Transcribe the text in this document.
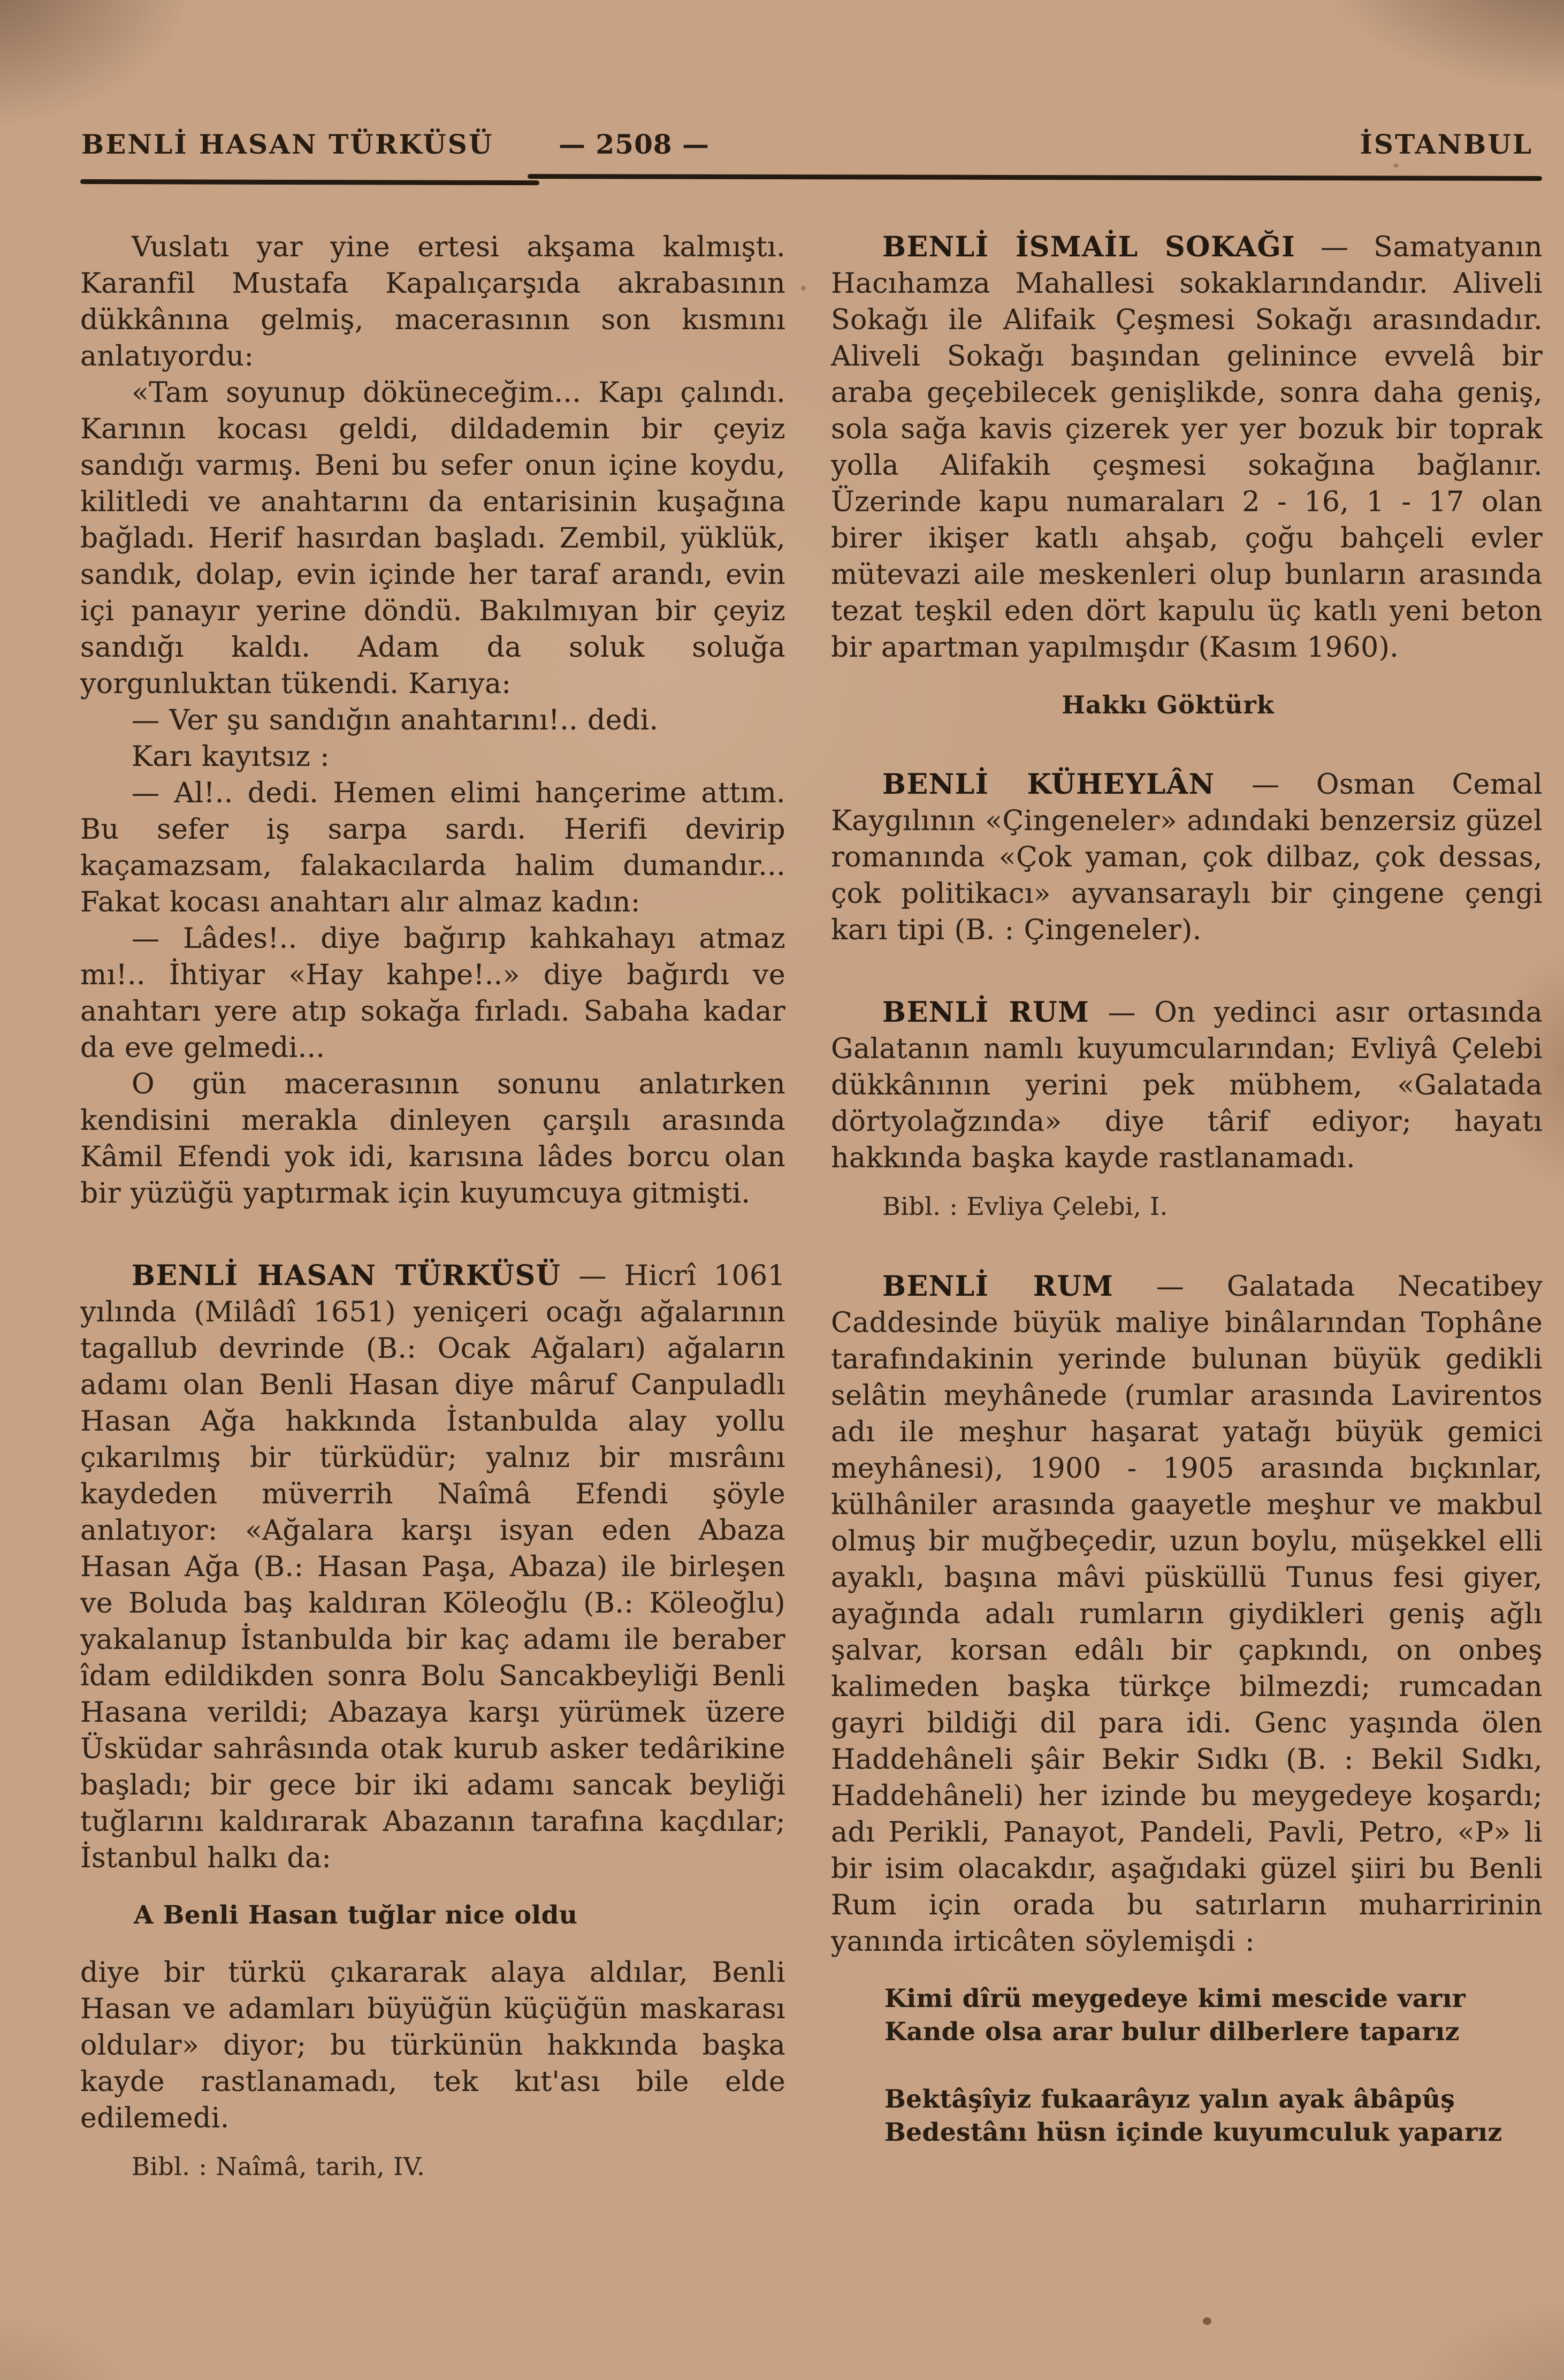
BENLİ HASAN TÜRKÜSÜ	— 2508 —	İSTANBUL

Vuslatı yar yine ertesi akşama kalmıştı. Karanfil Mustafa Kapalıçarşıda akrabasının dükkânına gelmiş, macerasının son kısmını anlatıyordu:

«Tam soyunup döküneceğim... Kapı çalındı. Karının kocası geldi, dildademin bir çeyiz sandığı varmış. Beni bu sefer onun içine koydu, kilitledi ve anahtarını da entarisinin kuşağına bağladı. Herif hasırdan başladı. Zembil, yüklük, sandık, dolap, evin içinde her taraf arandı, evin içi panayır yerine döndü. Bakılmıyan bir çeyiz sandığı kaldı. Adam da soluk soluğa yorgunluktan tükendi. Karıya:

— Ver şu sandığın anahtarını!.. dedi.

Karı kayıtsız :

— Al!.. dedi. Hemen elimi hançerime attım. Bu sefer iş sarpa sardı. Herifi devirip kaçamazsam, falakacılarda halim dumandır... Fakat kocası anahtarı alır almaz kadın:

— Lâdes!.. diye bağırıp kahkahayı atmaz mı!.. İhtiyar «Hay kahpe!..» diye bağırdı ve anahtarı yere atıp sokağa fırladı. Sabaha kadar da eve gelmedi...

O gün macerasının sonunu anlatırken kendisini merakla dinleyen çarşılı arasında Kâmil Efendi yok idi, karısına lâdes borcu olan bir yüzüğü yaptırmak için kuyumcuya gitmişti.

BENLİ HASAN TÜRKÜSÜ — Hicrî 1061 yılında (Milâdî 1651) yeniçeri ocağı ağalarının tagallub devrinde (B.: Ocak Ağaları) ağaların adamı olan Benli Hasan diye mâruf Canpuladlı Hasan Ağa hakkında İstanbulda alay yollu çıkarılmış bir türküdür; yalnız bir mısrâını kaydeden müverrih Naîmâ Efendi şöyle anlatıyor: «Ağalara karşı isyan eden Abaza Hasan Ağa (B.: Hasan Paşa, Abaza) ile birleşen ve Boluda baş kaldıran Köleoğlu (B.: Köleoğlu) yakalanup İstanbulda bir kaç adamı ile beraber îdam edildikden sonra Bolu Sancakbeyliği Benli Hasana verildi; Abazaya karşı yürümek üzere Üsküdar sahrâsında otak kurub asker tedârikine başladı; bir gece bir iki adamı sancak beyliği tuğlarını kaldırarak Abazanın tarafına kaçdılar; İstanbul halkı da:

A Benli Hasan tuğlar nice oldu

diye bir türkü çıkararak alaya aldılar, Benli Hasan ve adamları büyüğün küçüğün maskarası oldular» diyor; bu türkünün hakkında başka kayde rastlanamadı, tek kıt'ası bile elde edilemedi.

Bibl. : Naîmâ, tarih, IV.

BENLİ İSMAİL SOKAĞI — Samatyanın Hacıhamza Mahallesi sokaklarındandır. Aliveli Sokağı ile Alifaik Çeşmesi Sokağı arasındadır. Aliveli Sokağı başından gelinince evvelâ bir araba geçebilecek genişlikde, sonra daha geniş, sola sağa kavis çizerek yer yer bozuk bir toprak yolla Alifakih çeşmesi sokağına bağlanır. Üzerinde kapu numaraları 2 - 16, 1 - 17 olan birer ikişer katlı ahşab, çoğu bahçeli evler mütevazi aile meskenleri olup bunların arasında tezat teşkil eden dört kapulu üç katlı yeni beton bir apartman yapılmışdır (Kasım 1960).

Hakkı Göktürk

BENLİ KÜHEYLÂN — Osman Cemal Kaygılının «Çingeneler» adındaki benzersiz güzel romanında «Çok yaman, çok dilbaz, çok dessas, çok politikacı» ayvansaraylı bir çingene çengi karı tipi (B. : Çingeneler).

BENLİ RUM — On yedinci asır ortasında Galatanın namlı kuyumcularından; Evliyâ Çelebi dükkânının yerini pek mübhem, «Galatada dörtyolağzında» diye târif ediyor; hayatı hakkında başka kayde rastlanamadı.

Bibl. : Evliya Çelebi, I.

BENLİ RUM — Galatada Necatibey Caddesinde büyük maliye binâlarından Tophâne tarafındakinin yerinde bulunan büyük gedikli selâtin meyhânede (rumlar arasında Lavirentos adı ile meşhur haşarat yatağı büyük gemici meyhânesi), 1900 - 1905 arasında bıçkınlar, külhâniler arasında gaayetle meşhur ve makbul olmuş bir muğbeçedir, uzun boylu, müşekkel elli ayaklı, başına mâvi püsküllü Tunus fesi giyer, ayağında adalı rumların giydikleri geniş ağlı şalvar, korsan edâlı bir çapkındı, on onbeş kalimeden başka türkçe bilmezdi; rumcadan gayri bildiği dil para idi. Genc yaşında ölen Haddehâneli şâir Bekir Sıdkı (B. : Bekil Sıdkı, Haddehâneli) her izinde bu meygedeye koşardı; adı Perikli, Panayot, Pandeli, Pavli, Petro, «P» li bir isim olacakdır, aşağıdaki güzel şiiri bu Benli Rum için orada bu satırların muharririnin yanında irticâten söylemişdi :

Kimi dîrü meygedeye kimi mescide varır
Kande olsa arar bulur dilberlere taparız
Bektâşîyiz fukaarâyız yalın ayak âbâpûş
Bedestânı hüsn içinde kuyumculuk yaparız
